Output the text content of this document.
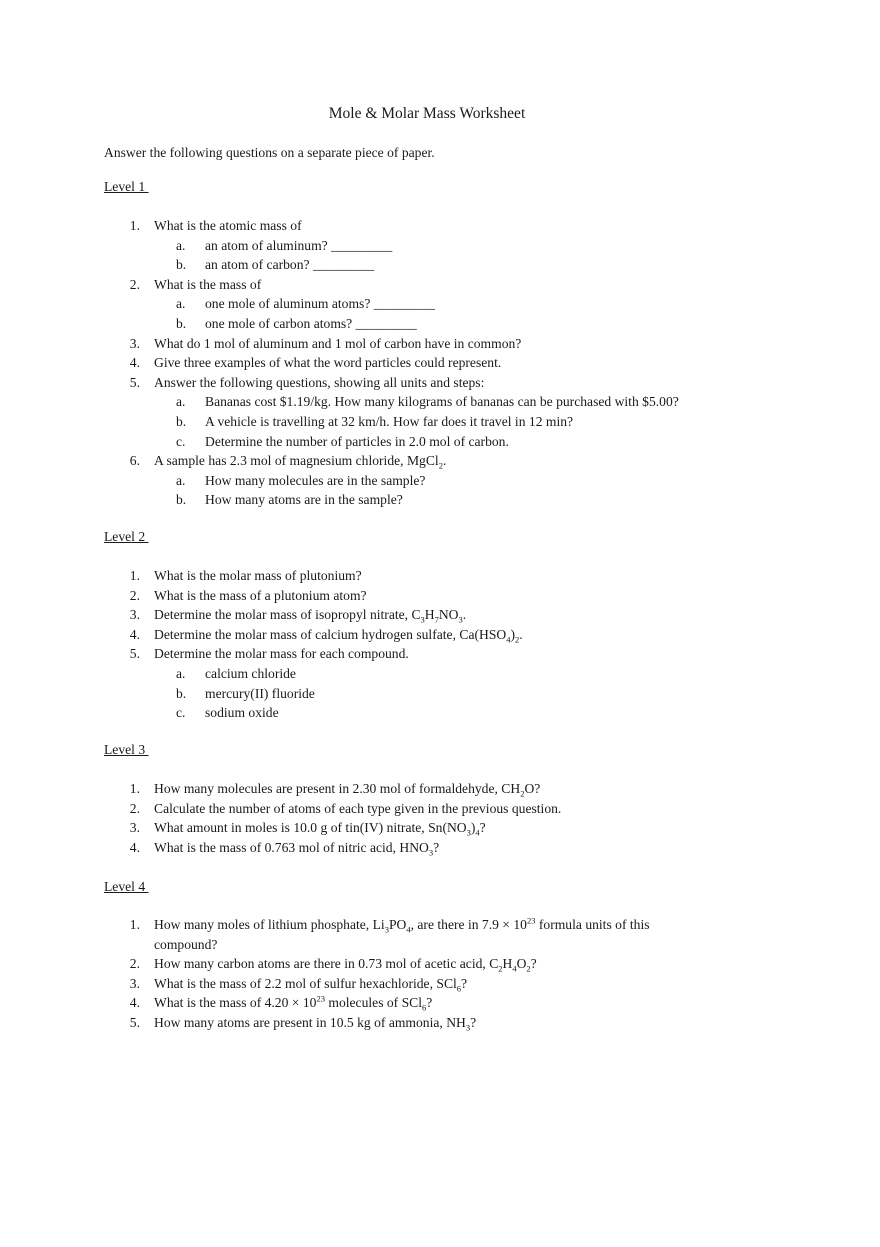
Mole & Molar Mass Worksheet
Answer the following questions on a separate piece of paper.
Level 1
1. What is the atomic mass of
a.	an atom of aluminum? _________
b.	an atom of carbon? _________
2. What is the mass of
a.	one mole of aluminum atoms? _________
b.	one mole of carbon atoms? _________
3. What do 1 mol of aluminum and 1 mol of carbon have in common?
4. Give three examples of what the word particles could represent.
5. Answer the following questions, showing all units and steps:
a.	Bananas cost $1.19/kg. How many kilograms of bananas can be purchased with $5.00?
b.	A vehicle is travelling at 32 km/h. How far does it travel in 12 min?
c.	Determine the number of particles in 2.0 mol of carbon.
6. A sample has 2.3 mol of magnesium chloride, MgCl$_2$.
a.	How many molecules are in the sample?
b.	How many atoms are in the sample?
Level 2
1. What is the molar mass of plutonium?
2. What is the mass of a plutonium atom?
3. Determine the molar mass of isopropyl nitrate, $C_3H_7NO_3$.
4. Determine the molar mass of calcium hydrogen sulfate, $Ca(HSO_4)_2$.
5. Determine the molar mass for each compound.
a.	calcium chloride
b.	mercury(II) fluoride
c.	sodium oxide
Level 3
1. How many molecules are present in 2.30 mol of formaldehyde, $CH_2O$?
2. Calculate the number of atoms of each type given in the previous question.
3. What amount in moles is 10.0 g of tin(IV) nitrate, $Sn(NO_3)_4$?
4. What is the mass of 0.763 mol of nitric acid, $HNO_3$?
Level 4
1. How many moles of lithium phosphate, $Li_3PO_4$, are there in $7.9 \times 10^{23}$ formula units of this
compound?
2. How many carbon atoms are there in 0.73 mol of acetic acid, $C_2H_4O_2$?
3. What is the mass of 2.2 mol of sulfur hexachloride, SCl$_6$?
4. What is the mass of $4.20 \times 10^{23}$ molecules of SCl$_6$?
5. How many atoms are present in 10.5 kg of ammonia, $NH_3$?
